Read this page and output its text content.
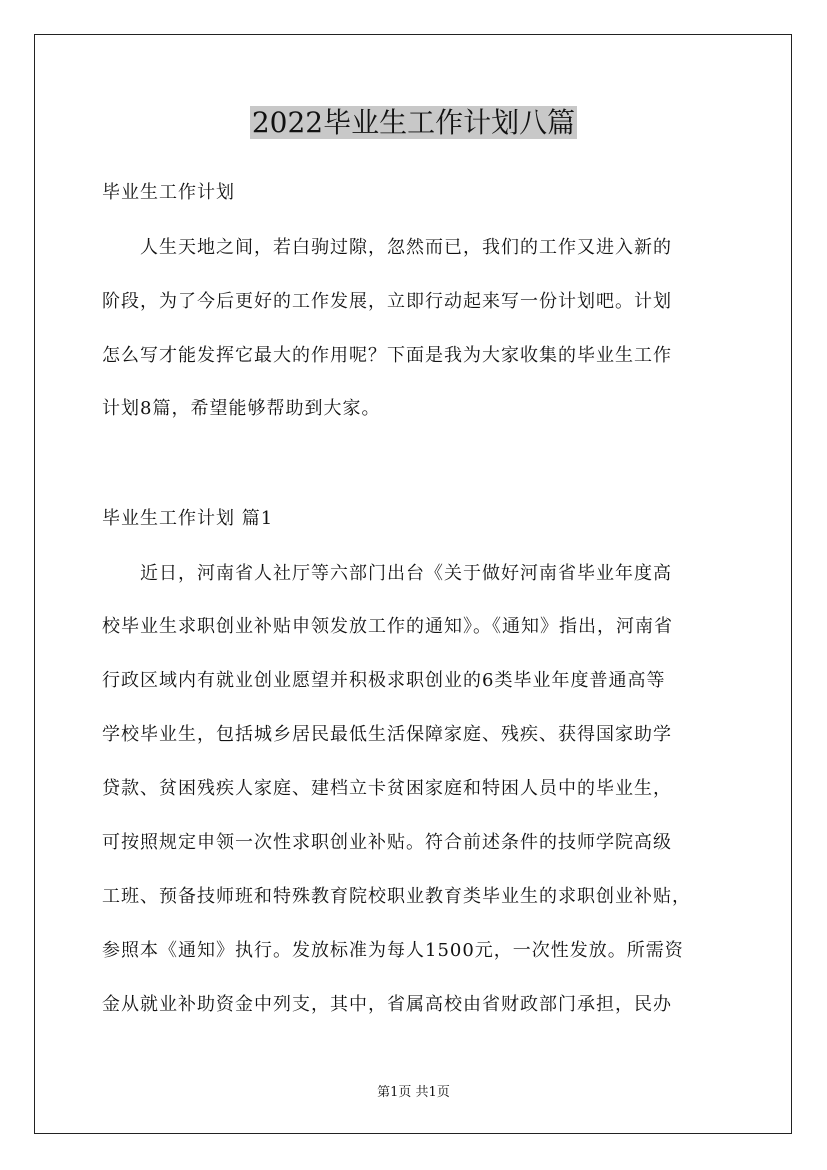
2022毕业生工作计划八篇

毕业生工作计划

人生天地之间，若白驹过隙，忽然而已，我们的工作又进入新的
阶段，为了今后更好的工作发展，立即行动起来写一份计划吧。计划
怎么写才能发挥它最大的作用呢？下面是我为大家收集的毕业生工作
计划8篇，希望能够帮助到大家。

毕业生工作计划 篇1

近日，河南省人社厅等六部门出台《关于做好河南省毕业年度高
校毕业生求职创业补贴申领发放工作的通知》。《通知》指出，河南省
行政区域内有就业创业愿望并积极求职创业的6类毕业年度普通高等
学校毕业生，包括城乡居民最低生活保障家庭、残疾、获得国家助学
贷款、贫困残疾人家庭、建档立卡贫困家庭和特困人员中的毕业生，
可按照规定申领一次性求职创业补贴。符合前述条件的技师学院高级
工班、预备技师班和特殊教育院校职业教育类毕业生的求职创业补贴，
参照本《通知》执行。发放标准为每人1500元，一次性发放。所需资
金从就业补助资金中列支，其中，省属高校由省财政部门承担，民办
第1页 共1页
